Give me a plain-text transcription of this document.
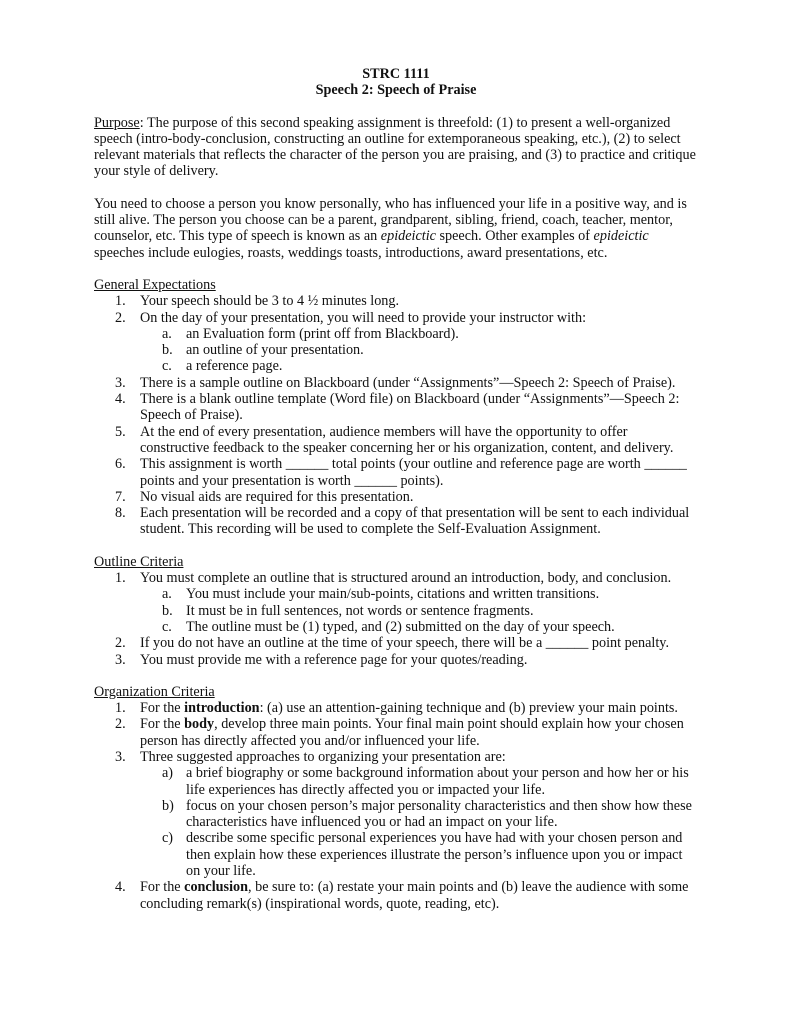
STRC 1111
Speech 2: Speech of Praise

Purpose: The purpose of this second speaking assignment is threefold: (1) to present a well-organized speech (intro-body-conclusion, constructing an outline for extemporaneous speaking, etc.), (2) to select relevant materials that reflects the character of the person you are praising, and (3) to practice and critique your style of delivery.

You need to choose a person you know personally, who has influenced your life in a positive way, and is still alive. The person you choose can be a parent, grandparent, sibling, friend, coach, teacher, mentor, counselor, etc. This type of speech is known as an epideictic speech. Other examples of epideictic speeches include eulogies, roasts, weddings toasts, introductions, award presentations, etc.

General Expectations
1. Your speech should be 3 to 4 ½ minutes long.
2. On the day of your presentation, you will need to provide your instructor with:
a. an Evaluation form (print off from Blackboard).
b. an outline of your presentation.
c. a reference page.
3. There is a sample outline on Blackboard (under “Assignments”—Speech 2: Speech of Praise).
4. There is a blank outline template (Word file) on Blackboard (under “Assignments”—Speech 2: Speech of Praise).
5. At the end of every presentation, audience members will have the opportunity to offer constructive feedback to the speaker concerning her or his organization, content, and delivery.
6. This assignment is worth ______ total points (your outline and reference page are worth ______ points and your presentation is worth ______ points).
7. No visual aids are required for this presentation.
8. Each presentation will be recorded and a copy of that presentation will be sent to each individual student. This recording will be used to complete the Self-Evaluation Assignment.
Outline Criteria
1. You must complete an outline that is structured around an introduction, body, and conclusion.
a. You must include your main/sub-points, citations and written transitions.
b. It must be in full sentences, not words or sentence fragments.
c. The outline must be (1) typed, and (2) submitted on the day of your speech.
2. If you do not have an outline at the time of your speech, there will be a ______ point penalty.
3. You must provide me with a reference page for your quotes/reading.
Organization Criteria
1. For the introduction: (a) use an attention-gaining technique and (b) preview your main points.
2. For the body, develop three main points. Your final main point should explain how your chosen person has directly affected you and/or influenced your life.
3. Three suggested approaches to organizing your presentation are:
a) a brief biography or some background information about your person and how her or his life experiences has directly affected you or impacted your life.
b) focus on your chosen person’s major personality characteristics and then show how these characteristics have influenced you or had an impact on your life.
c) describe some specific personal experiences you have had with your chosen person and then explain how these experiences illustrate the person’s influence upon you or impact on your life.
4. For the conclusion, be sure to: (a) restate your main points and (b) leave the audience with some concluding remark(s) (inspirational words, quote, reading, etc).
